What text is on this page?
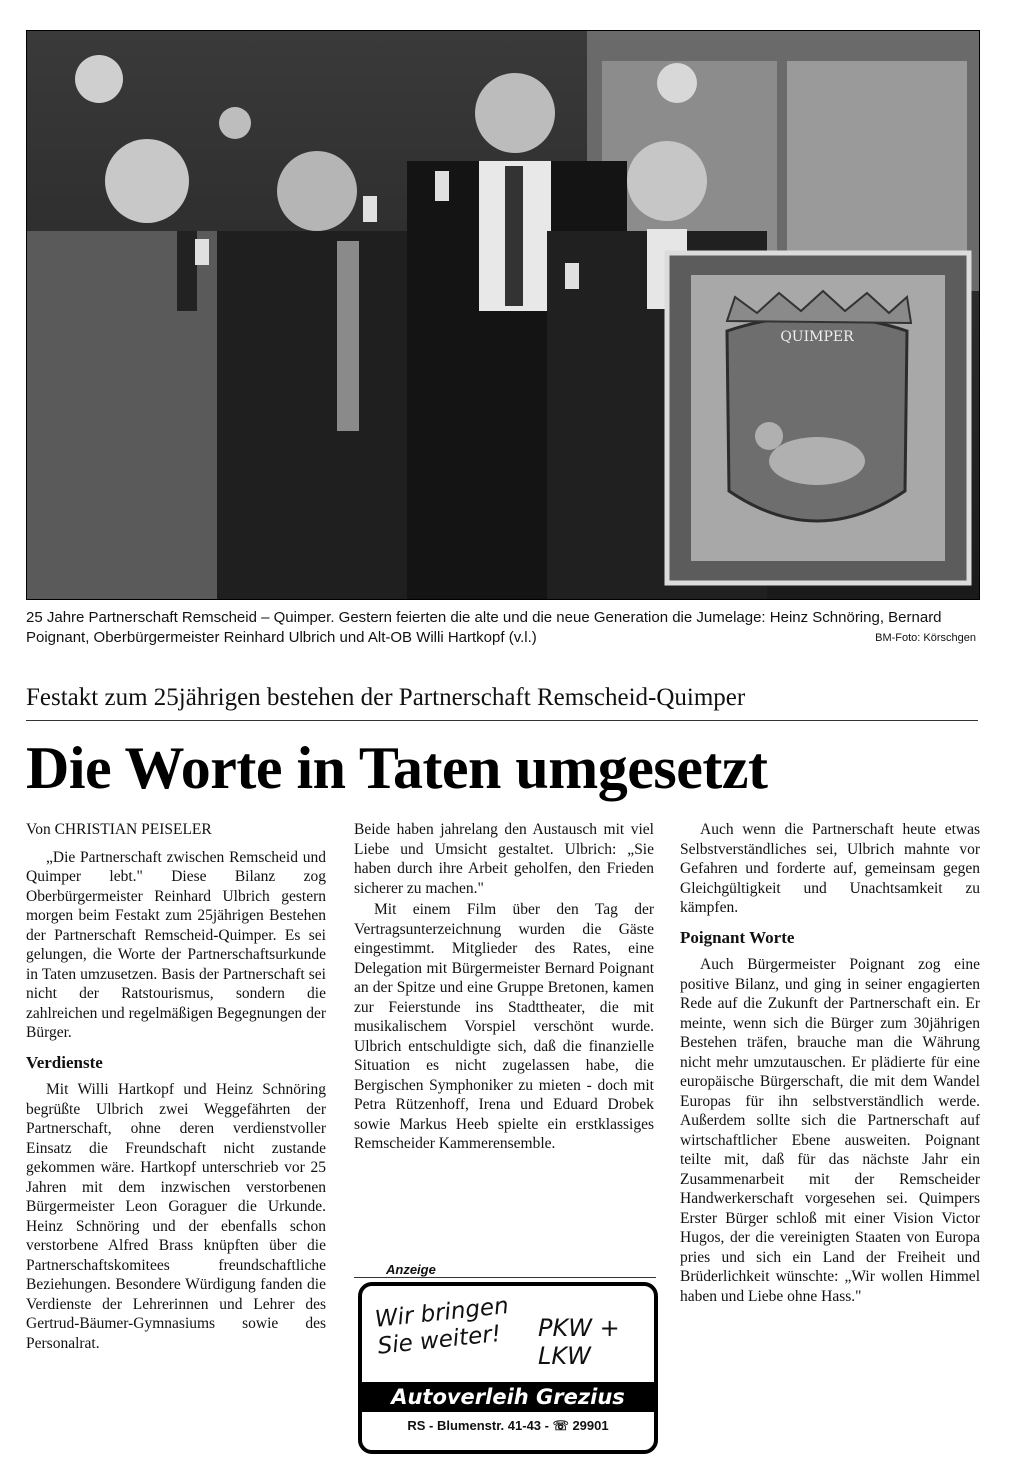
QUIMPER
25 Jahre Partnerschaft Remscheid – Quimper. Gestern feierten die alte und die neue Generation die Jumelage: Heinz Schnöring, Bernard Poignant, Oberbürgermeister Reinhard Ulbrich und Alt-OB Willi Hartkopf (v.l.)	BM-Foto: Körschgen
Festakt zum 25jährigen bestehen der Partnerschaft Remscheid-Quimper
Die Worte in Taten umgesetzt

Von CHRISTIAN PEISELER

„Die Partnerschaft zwischen Remscheid und Quimper lebt." Diese Bilanz zog Oberbürgermeister Reinhard Ulbrich gestern morgen beim Festakt zum 25jährigen Bestehen der Partnerschaft Remscheid-Quimper. Es sei gelungen, die Worte der Partnerschaftsurkunde in Taten umzusetzen. Basis der Partnerschaft sei nicht der Ratstourismus, sondern die zahlreichen und regelmäßigen Begegnungen der Bürger.

Verdienste

Mit Willi Hartkopf und Heinz Schnöring begrüßte Ulbrich zwei Weggefährten der Partnerschaft, ohne deren verdienstvoller Einsatz die Freundschaft nicht zustande gekommen wäre. Hartkopf unterschrieb vor 25 Jahren mit dem inzwischen verstorbenen Bürgermeister Leon Goraguer die Urkunde. Heinz Schnöring und der ebenfalls schon verstorbene Alfred Brass knüpften über die Partnerschaftskomitees freundschaftliche Beziehungen. Besondere Würdigung fanden die Verdienste der Lehrerinnen und Lehrer des Gertrud-Bäumer-Gymnasiums sowie des Personalrat.

Beide haben jahrelang den Austausch mit viel Liebe und Umsicht gestaltet. Ulbrich: „Sie haben durch ihre Arbeit geholfen, den Frieden sicherer zu machen."

Mit einem Film über den Tag der Vertragsunterzeichnung wurden die Gäste eingestimmt. Mitglieder des Rates, eine Delegation mit Bürgermeister Bernard Poignant an der Spitze und eine Gruppe Bretonen, kamen zur Feierstunde ins Stadttheater, die mit musikalischem Vorspiel verschönt wurde. Ulbrich entschuldigte sich, daß die finanzielle Situation es nicht zugelassen habe, die Bergischen Symphoniker zu mieten - doch mit Petra Rützenhoff, Irena und Eduard Drobek sowie Markus Heeb spielte ein erstklassiges Remscheider Kammerensemble.

Auch wenn die Partnerschaft heute etwas Selbstverständliches sei, Ulbrich mahnte vor Gefahren und forderte auf, gemeinsam gegen Gleichgültigkeit und Unachtsamkeit zu kämpfen.

Poignant Worte

Auch Bürgermeister Poignant zog eine positive Bilanz, und ging in seiner engagierten Rede auf die Zukunft der Partnerschaft ein. Er meinte, wenn sich die Bürger zum 30jährigen Bestehen träfen, brauche man die Währung nicht mehr umzutauschen. Er plädierte für eine europäische Bürgerschaft, die mit dem Wandel Europas für ihn selbstverständlich werde. Außerdem sollte sich die Partnerschaft auf wirtschaftlicher Ebene ausweiten. Poignant teilte mit, daß für das nächste Jahr ein Zusammenarbeit mit der Remscheider Handwerkerschaft vorgesehen sei. Quimpers Erster Bürger schloß mit einer Vision Victor Hugos, der die vereinigten Staaten von Europa pries und sich ein Land der Freiheit und Brüderlichkeit wünschte: „Wir wollen Himmel haben und Liebe ohne Hass."

Anzeige
Wir bringen Sie weiter!	PKW + LKW
Autoverleih Grezius
RS - Blumenstr. 41-43 - ☏ 29901
